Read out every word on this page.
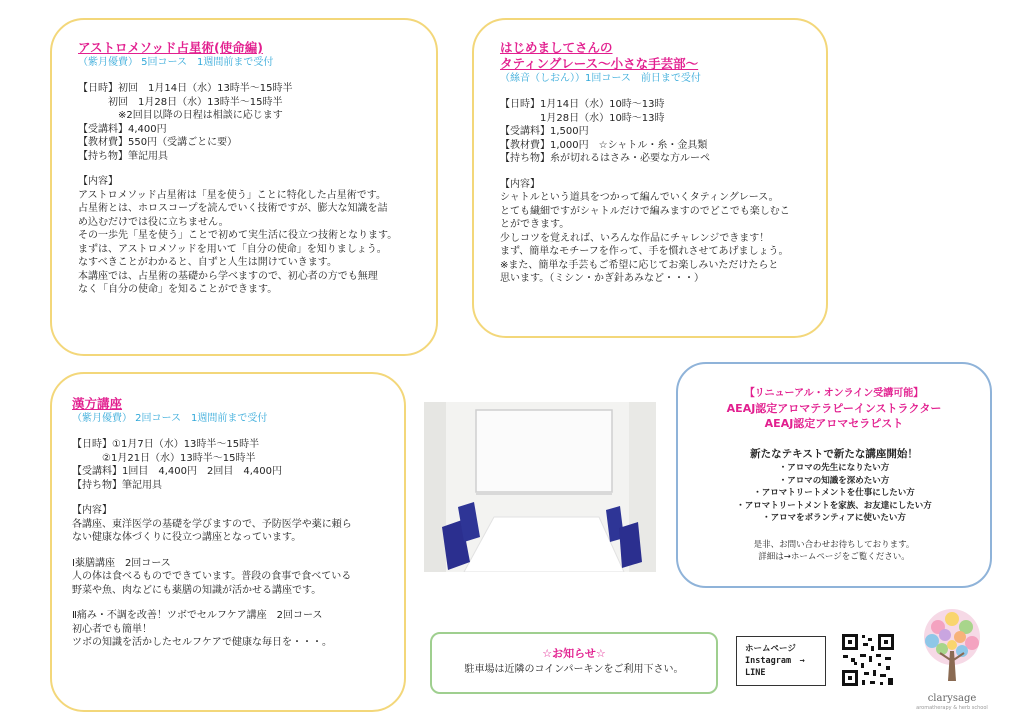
アストロメソッド占星術(使命編)
（紫月優費） 5回コース　1週間前まで受付
【日時】初回　1月14日（水）13時半〜15時半
　　　初回　1月28日（水）13時半〜15時半
　　　　※2回目以降の日程は相談に応じます
【受講料】4,400円
【教材費】550円（受講ごとに要）
【持ち物】筆記用具
【内容】
アストロメソッド占星術は「星を使う」ことに特化した占星術です。
占星術とは、ホロスコープを読んでいく技術ですが、膨大な知識を詰
め込むだけでは役に立ちません。
その一歩先「星を使う」ことで初めて実生活に役立つ技術となります。
まずは、アストロメソッドを用いて「自分の使命」を知りましょう。
なすべきことがわかると、自ずと人生は開けていきます。
本講座では、占星術の基礎から学べますので、初心者の方でも無理
なく「自分の使命」を知ることができます。
はじめましてさんの
タティングレース〜小さな手芸部〜
（絲音（しおん））1回コース　前日まで受付
【日時】1月14日（水）10時〜13時
　　　　1月28日（水）10時〜13時
【受講料】1,500円
【教材費】1,000円　☆シャトル・糸・金具類
【持ち物】糸が切れるはさみ・必要な方ルーペ
【内容】
シャトルという道具をつかって編んでいくタティングレース。
とても繊細ですがシャトルだけで編みますのでどこでも楽しむこ
とができます。
少しコツを覚えれば、いろんな作品にチャレンジできます！
まず、簡単なモチーフを作って、手を慣れさせてあげましょう。
※また、簡単な手芸もご希望に応じてお楽しみいただけたらと
思います。（ミシン・かぎ針あみなど・・・）
漢方講座
（紫月優費） 2回コース　1週間前まで受付
【日時】①1月7日（水）13時半〜15時半
　　　②1月21日（水）13時半〜15時半
【受講料】1回目　4,400円　2回目　4,400円
【持ち物】筆記用具
【内容】
各講座、東洋医学の基礎を学びますので、予防医学や薬に頼ら
ない健康な体づくりに役立つ講座となっています。
Ⅰ薬膳講座　2回コース
人の体は食べるものでできています。普段の食事で食べている
野菜や魚、肉などにも薬膳の知識が活かせる講座です。
Ⅱ痛み・不調を改善！ツボでセルフケア講座　2回コース
初心者でも簡単！
ツボの知識を活かしたセルフケアで健康な毎日を・・・。
【リニューアル・オンライン受講可能】
AEAJ認定アロマテラピーインストラクター
AEAJ認定アロマセラピスト
新たなテキストで新たな講座開始！
・アロマの先生になりたい方
・アロマの知識を深めたい方
・アロマトリートメントを仕事にしたい方
・アロマトリートメントを家族、お友達にしたい方
・アロマをボランティアに使いたい方
是非、お問い合わせお待ちしております。
詳細は→ホームページをご覧ください。
☆お知らせ☆
駐車場は近隣のコインパーキンをご利用下さい。
ホームページ
Instagram　→
LINE
clarysage
aromatherapy & herb school
